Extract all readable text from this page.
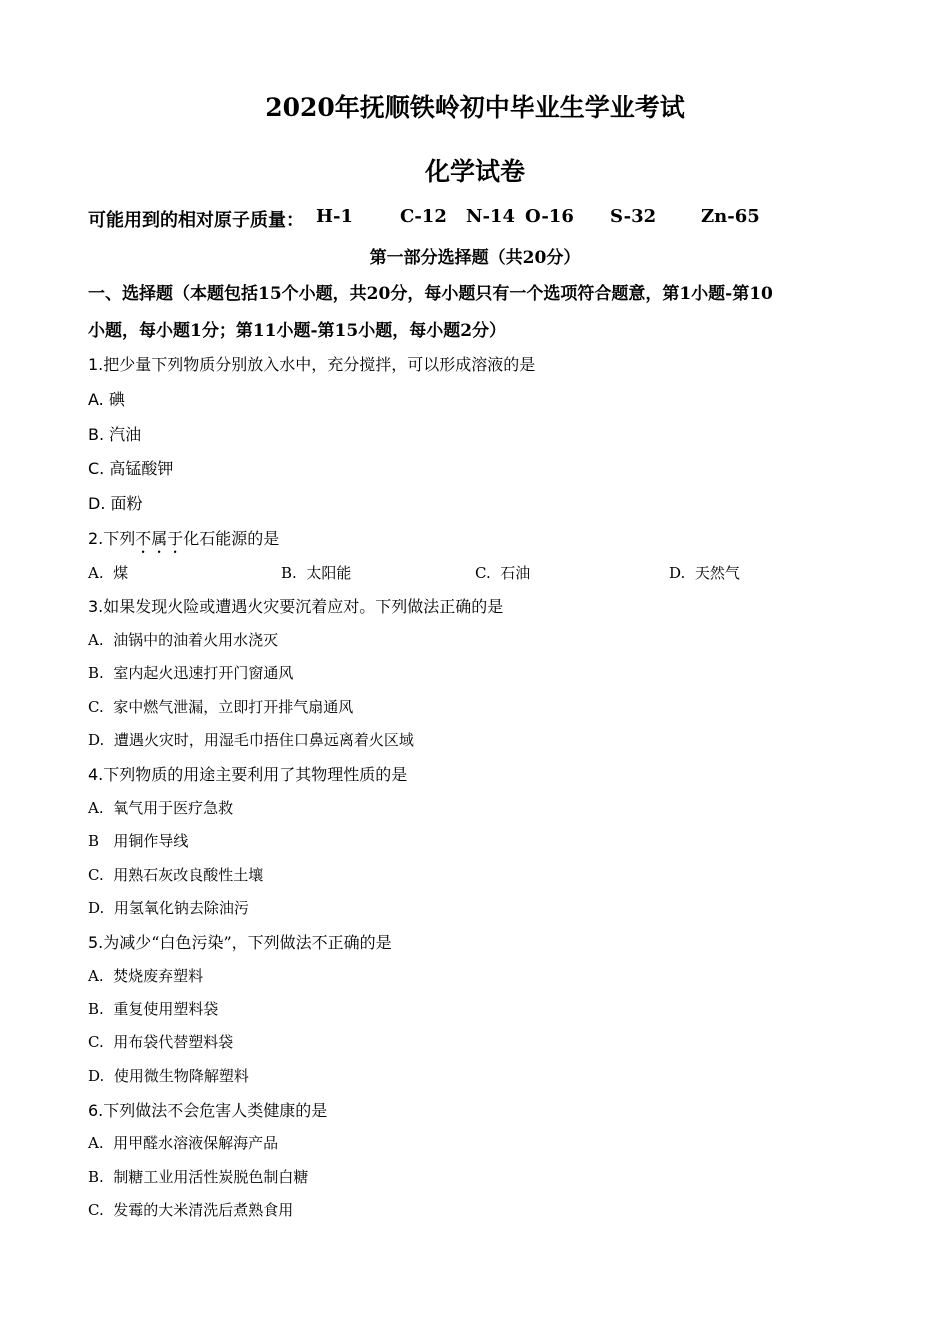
2020年抚顺铁岭初中毕业生学业考试
化学试卷
可能用到的相对原子质量： H-1	C-12 N-14 O-16 S-32 Zn-65
第一部分选择题（共20分）
一、选择题（本题包括15个小题，共20分，每小题只有一个选项符合题意，第1小题-第10
小题，每小题1分；第11小题-第15小题，每小题2分）
1.把少量下列物质分别放入水中，充分搅拌，可以形成溶液的是
A. 碘
B. 汽油
C. 高锰酸钾
D. 面粉
2.下列不属于化石能源的是
A. 煤	B. 太阳能	C. 石油	D. 天然气
3.如果发现火险或遭遇火灾要沉着应对。下列做法正确的是
A. 油锅中的油着火用水浇灭
B. 室内起火迅速打开门窗通风
C. 家中燃气泄漏，立即打开排气扇通风
D. 遭遇火灾时，用湿毛巾捂住口鼻远离着火区域
4.下列物质的用途主要利用了其物理性质的是
A. 氧气用于医疗急救
B 用铜作导线
C. 用熟石灰改良酸性土壤
D. 用氢氧化钠去除油污
5.为减少“白色污染”，下列做法不正确的是
A. 焚烧废弃塑料
B. 重复使用塑料袋
C. 用布袋代替塑料袋
D. 使用微生物降解塑料
6.下列做法不会危害人类健康的是
A. 用甲醛水溶液保解海产品
B. 制糖工业用活性炭脱色制白糖
C. 发霉的大米清洗后煮熟食用
